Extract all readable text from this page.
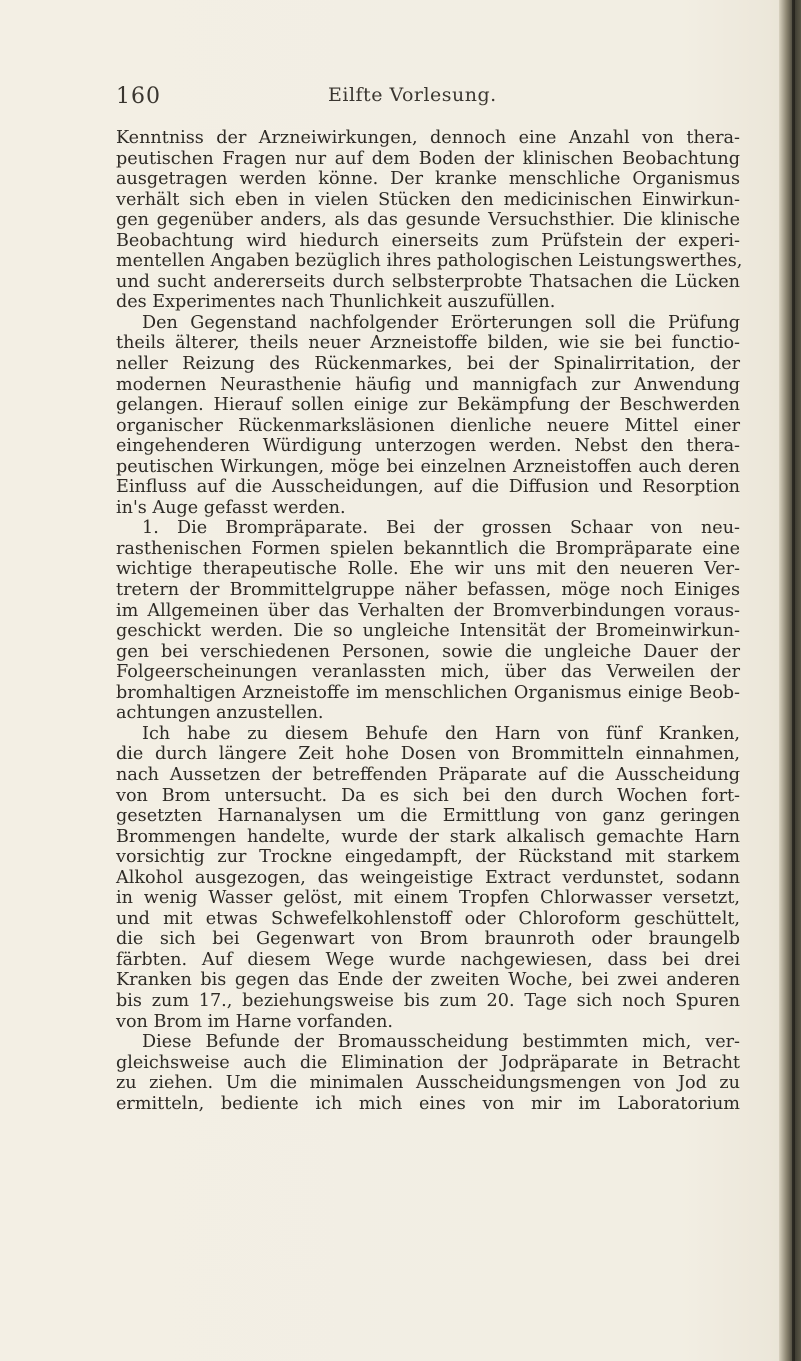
160	Eilfte Vorlesung.
Kenntniss der Arzneiwirkungen, dennoch eine Anzahl von thera-
peutischen Fragen nur auf dem Boden der klinischen Beobachtung
ausgetragen werden könne. Der kranke menschliche Organismus
verhält sich eben in vielen Stücken den medicinischen Einwirkun-
gen gegenüber anders, als das gesunde Versuchsthier. Die klinische
Beobachtung wird hiedurch einerseits zum Prüfstein der experi-
mentellen Angaben bezüglich ihres pathologischen Leistungswerthes,
und sucht andererseits durch selbsterprobte Thatsachen die Lücken
des Experimentes nach Thunlichkeit auszufüllen.
Den Gegenstand nachfolgender Erörterungen soll die Prüfung
theils älterer, theils neuer Arzneistoffe bilden, wie sie bei functio-
neller Reizung des Rückenmarkes, bei der Spinalirritation, der
modernen Neurasthenie häufig und mannigfach zur Anwendung
gelangen. Hierauf sollen einige zur Bekämpfung der Beschwerden
organischer Rückenmarksläsionen dienliche neuere Mittel einer
eingehenderen Würdigung unterzogen werden. Nebst den thera-
peutischen Wirkungen, möge bei einzelnen Arzneistoffen auch deren
Einfluss auf die Ausscheidungen, auf die Diffusion und Resorption
in's Auge gefasst werden.
1. Die Brompräparate. Bei der grossen Schaar von neu-
rasthenischen Formen spielen bekanntlich die Brompräparate eine
wichtige therapeutische Rolle. Ehe wir uns mit den neueren Ver-
tretern der Brommittelgruppe näher befassen, möge noch Einiges
im Allgemeinen über das Verhalten der Bromverbindungen voraus-
geschickt werden. Die so ungleiche Intensität der Bromeinwirkun-
gen bei verschiedenen Personen, sowie die ungleiche Dauer der
Folgeerscheinungen veranlassten mich, über das Verweilen der
bromhaltigen Arzneistoffe im menschlichen Organismus einige Beob-
achtungen anzustellen.
Ich habe zu diesem Behufe den Harn von fünf Kranken,
die durch längere Zeit hohe Dosen von Brommitteln einnahmen,
nach Aussetzen der betreffenden Präparate auf die Ausscheidung
von Brom untersucht. Da es sich bei den durch Wochen fort-
gesetzten Harnanalysen um die Ermittlung von ganz geringen
Brommengen handelte, wurde der stark alkalisch gemachte Harn
vorsichtig zur Trockne eingedampft, der Rückstand mit starkem
Alkohol ausgezogen, das weingeistige Extract verdunstet, sodann
in wenig Wasser gelöst, mit einem Tropfen Chlorwasser versetzt,
und mit etwas Schwefelkohlenstoff oder Chloroform geschüttelt,
die sich bei Gegenwart von Brom braunroth oder braungelb
färbten. Auf diesem Wege wurde nachgewiesen, dass bei drei
Kranken bis gegen das Ende der zweiten Woche, bei zwei anderen
bis zum 17., beziehungsweise bis zum 20. Tage sich noch Spuren
von Brom im Harne vorfanden.
Diese Befunde der Bromausscheidung bestimmten mich, ver-
gleichsweise auch die Elimination der Jodpräparate in Betracht
zu ziehen. Um die minimalen Ausscheidungsmengen von Jod zu
ermitteln, bediente ich mich eines von mir im Laboratorium
